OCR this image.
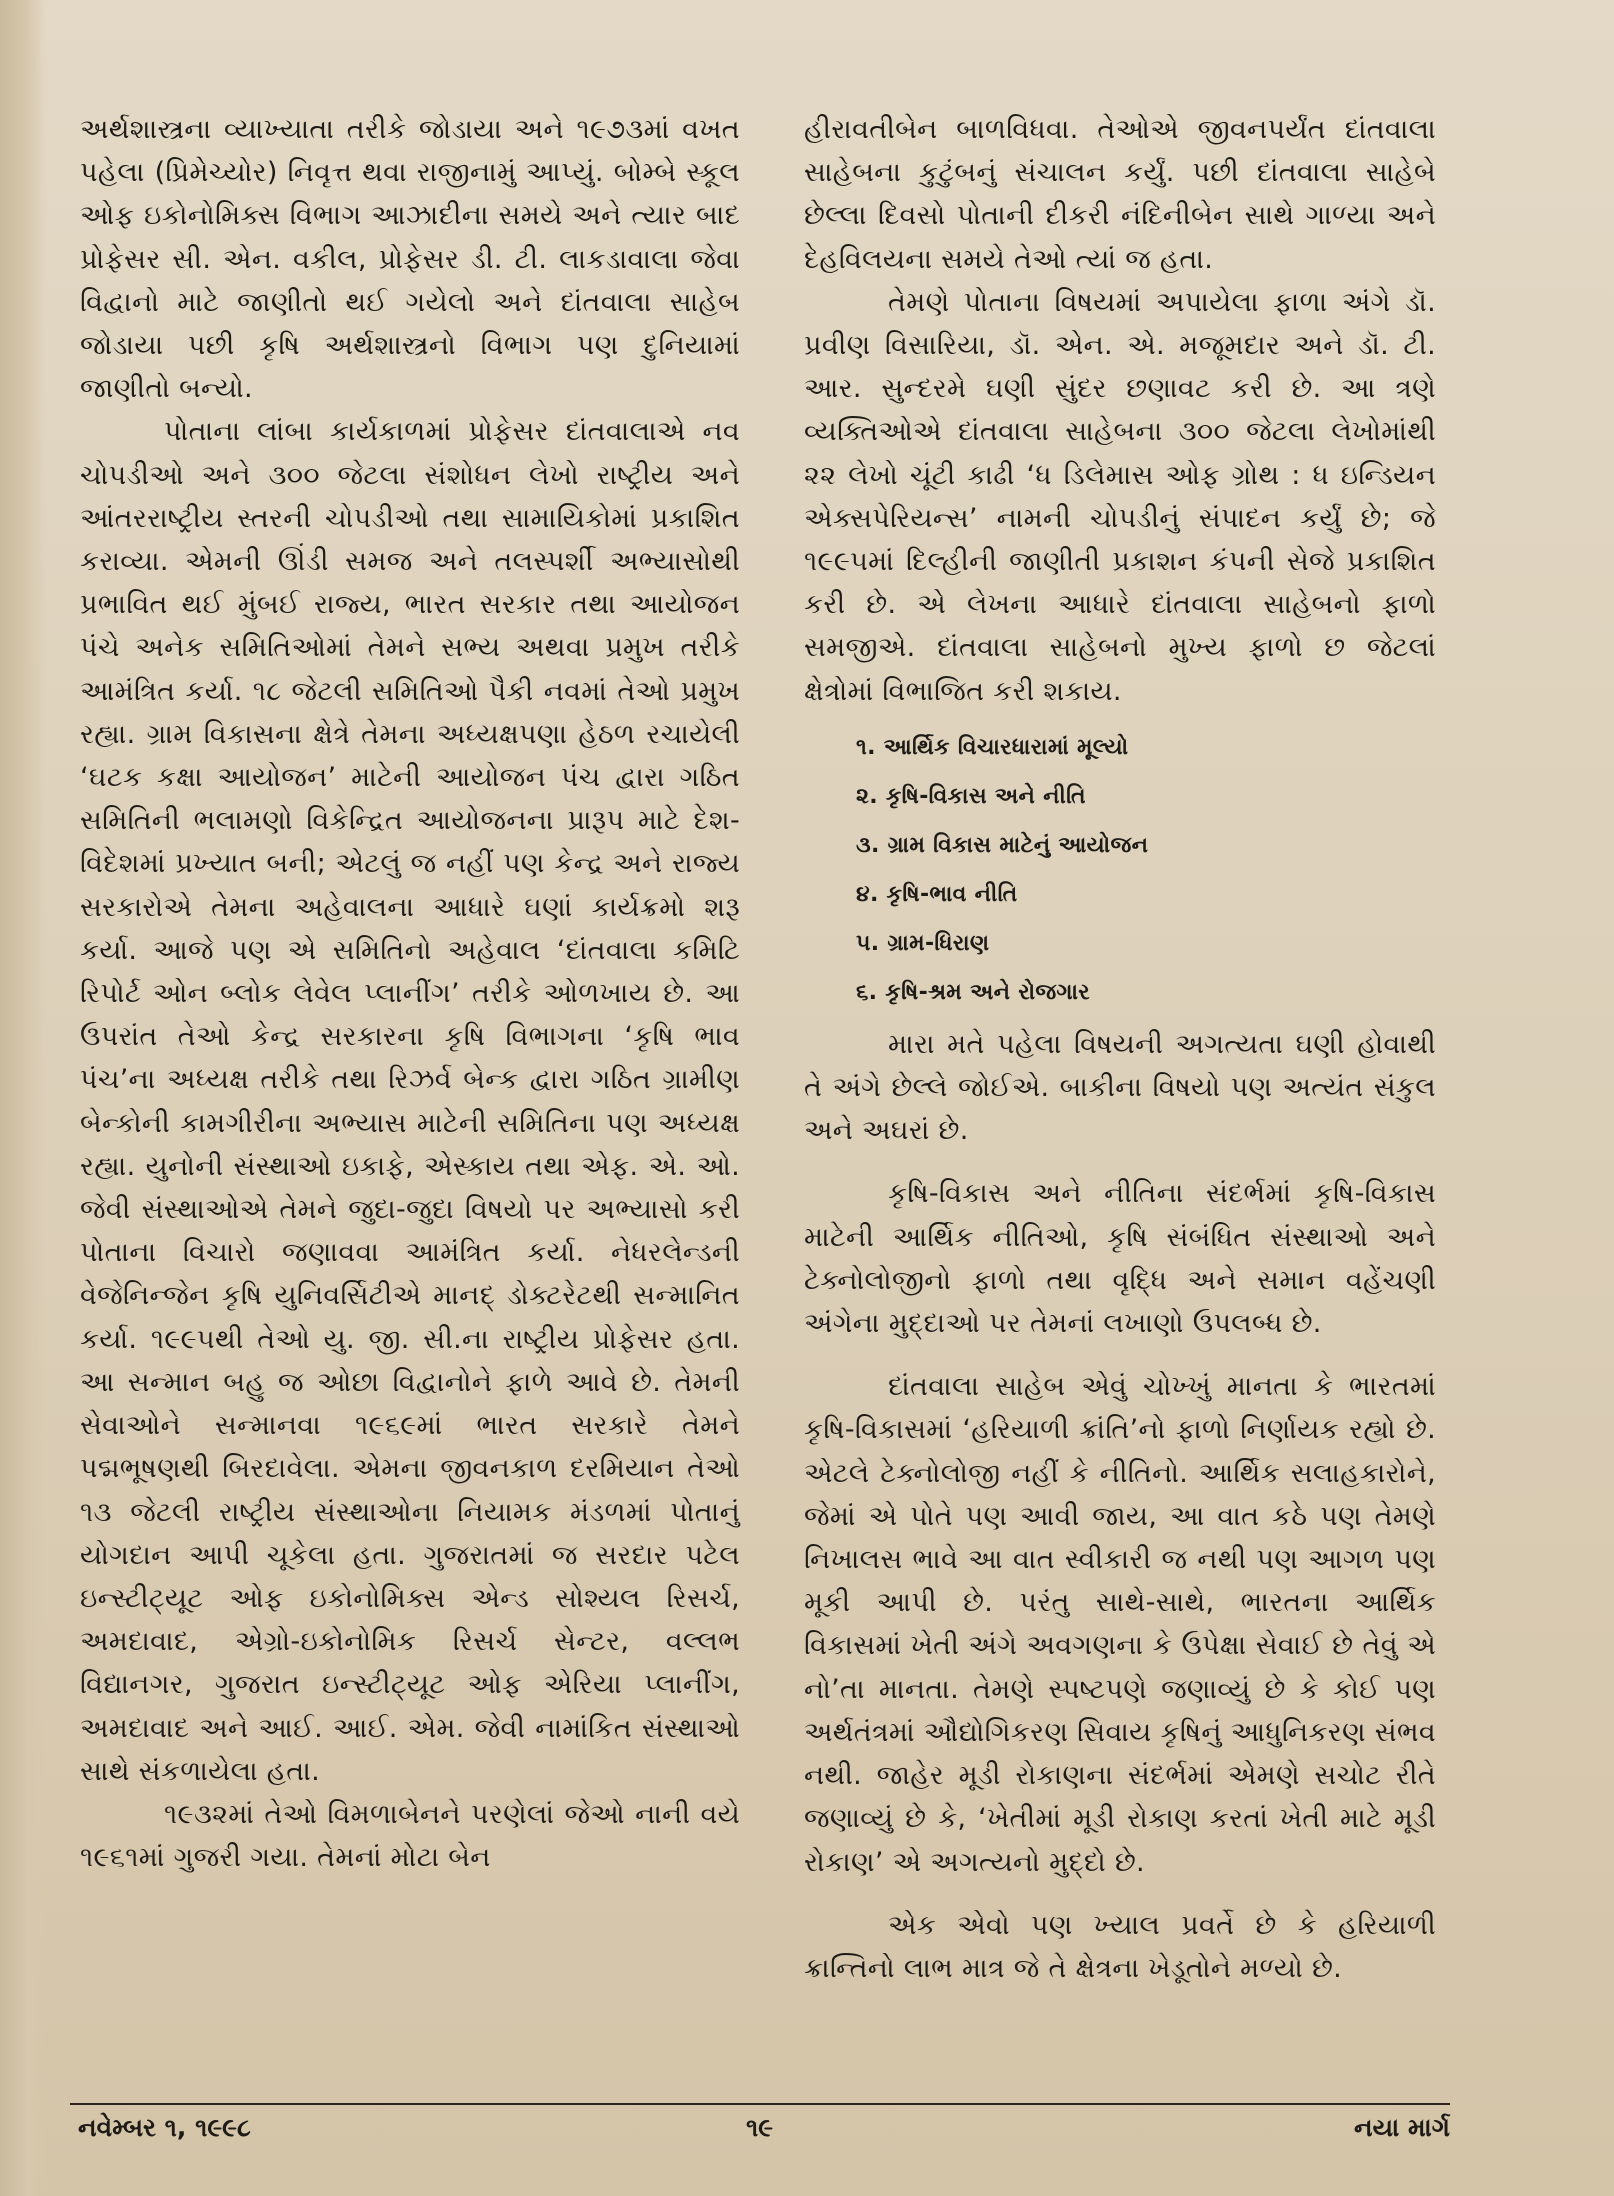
અર્થશાસ્ત્રના વ્યાખ્યાતા તરીકે જોડાયા અને ૧૯૭૩માં વખત પહેલા (પ્રિમેચ્યોર) નિવૃત્ત થવા રાજીનામું આપ્યું. બોમ્બે સ્કૂલ ઓફ ઇકોનોમિક્સ વિભાગ આઝાદીના સમયે અને ત્યાર બાદ પ્રોફેસર સી. એન. વકીલ, પ્રોફેસર ડી. ટી. લાકડાવાલા જેવા વિદ્વાનો માટે જાણીતો થઈ ગયેલો અને દાંતવાલા સાહેબ જોડાયા પછી કૃષિ અર્થશાસ્ત્રનો વિભાગ પણ દુનિયામાં જાણીતો બન્યો.

પોતાના લાંબા કાર્યકાળમાં પ્રોફેસર દાંતવાલાએ નવ ચોપડીઓ અને ૩૦૦ જેટલા સંશોધન લેખો રાષ્ટ્રીય અને આંતરરાષ્ટ્રીય સ્તરની ચોપડીઓ તથા સામાયિકોમાં પ્રકાશિત કરાવ્યા. એમની ઊંડી સમજ અને તલસ્પર્શી અભ્યાસોથી પ્રભાવિત થઈ મુંબઈ રાજ્ય, ભારત સરકાર તથા આયોજન પંચે અનેક સમિતિઓમાં તેમને સભ્ય અથવા પ્રમુખ તરીકે આમંત્રિત કર્યા. ૧૮ જેટલી સમિતિઓ પૈકી નવમાં તેઓ પ્રમુખ રહ્યા. ગ્રામ વિકાસના ક્ષેત્રે તેમના અધ્યક્ષપણા હેઠળ રચાયેલી ‘ઘટક કક્ષા આયોજન’ માટેની આયોજન પંચ દ્વારા ગઠિત સમિતિની ભલામણો વિકેન્દ્રિત આયોજનના પ્રારૂપ માટે દેશ-વિદેશમાં પ્રખ્યાત બની; એટલું જ નહીં પણ કેન્દ્ર અને રાજ્ય સરકારોએ તેમના અહેવાલના આધારે ઘણાં કાર્યક્રમો શરૂ કર્યા. આજે પણ એ સમિતિનો અહેવાલ ‘દાંતવાલા કમિટિ રિપોર્ટ ઓન બ્લોક લેવેલ પ્લાનીંગ’ તરીકે ઓળખાય છે. આ ઉપરાંત તેઓ કેન્દ્ર સરકારના કૃષિ વિભાગના ‘કૃષિ ભાવ પંચ’ના અધ્યક્ષ તરીકે તથા રિઝર્વ બેન્ક દ્વારા ગઠિત ગ્રામીણ બેન્કોની કામગીરીના અભ્યાસ માટેની સમિતિના પણ અધ્યક્ષ રહ્યા. યુનોની સંસ્થાઓ ઇકાફે, એસ્કાય તથા એફ. એ. ઓ. જેવી સંસ્થાઓએ તેમને જુદા-જુદા વિષયો પર અભ્યાસો કરી પોતાના વિચારો જણાવવા આમંત્રિત કર્યા. નેધરલેન્ડની વેજેનિન્જેન કૃષિ યુનિવર્સિટીએ માનદ્ ડોક્ટરેટથી સન્માનિત કર્યા. ૧૯૯૫થી તેઓ યુ. જી. સી.ના રાષ્ટ્રીય પ્રોફેસર હતા. આ સન્માન બહુ જ ઓછા વિદ્વાનોને ફાળે આવે છે. તેમની સેવાઓને સન્માનવા ૧૯૬૯માં ભારત સરકારે તેમને પદ્મભૂષણથી બિરદાવેલા. એમના જીવનકાળ દરમિયાન તેઓ ૧૩ જેટલી રાષ્ટ્રીય સંસ્થાઓના નિયામક મંડળમાં પોતાનું યોગદાન આપી ચૂકેલા હતા. ગુજરાતમાં જ સરદાર પટેલ ઇન્સ્ટીટ્યૂટ ઓફ ઇકોનોમિક્સ એન્ડ સોશ્યલ રિસર્ચ, અમદાવાદ, એગ્રો-ઇકોનોમિક રિસર્ચ સેન્ટર, વલ્લભ વિદ્યાનગર, ગુજરાત ઇન્સ્ટીટ્યૂટ ઓફ એરિયા પ્લાનીંગ, અમદાવાદ અને આઈ. આઈ. એમ. જેવી નામાંકિત સંસ્થાઓ સાથે સંકળાયેલા હતા.

૧૯૩૨માં તેઓ વિમળાબેનને પરણેલાં જેઓ નાની વયે ૧૯૬૧માં ગુજરી ગયા. તેમનાં મોટા બેન

હીરાવતીબેન બાળવિધવા. તેઓએ જીવનપર્યંત દાંતવાલા સાહેબના કુટુંબનું સંચાલન કર્યું. પછી દાંતવાલા સાહેબે છેલ્લા દિવસો પોતાની દીકરી નંદિનીબેન સાથે ગાળ્યા અને દેહવિલયના સમયે તેઓ ત્યાં જ હતા.

તેમણે પોતાના વિષયમાં અપાયેલા ફાળા અંગે ડૉ. પ્રવીણ વિસારિયા, ડૉ. એન. એ. મજૂમદાર અને ડૉ. ટી. આર. સુન્દરમે ઘણી સુંદર છણાવટ કરી છે. આ ત્રણે વ્યક્તિઓએ દાંતવાલા સાહેબના ૩૦૦ જેટલા લેખોમાંથી ૨૨ લેખો ચૂંટી કાઢી ‘ધ ડિલેમાસ ઓફ ગ્રોથ : ધ ઇન્ડિયન એક્સપેરિયન્સ’ નામની ચોપડીનું સંપાદન કર્યું છે; જે ૧૯૯૫માં દિલ્હીની જાણીતી પ્રકાશન કંપની સેજે પ્રકાશિત કરી છે. એ લેખના આધારે દાંતવાલા સાહેબનો ફાળો સમજીએ. દાંતવાલા સાહેબનો મુખ્ય ફાળો છ જેટલાં ક્ષેત્રોમાં વિભાજિત કરી શકાય.

૧. આર્થિક વિચારધારામાં મૂલ્યો
૨. કૃષિ-વિકાસ અને નીતિ
૩. ગ્રામ વિકાસ માટેનું આયોજન
૪. કૃષિ-ભાવ નીતિ
૫. ગ્રામ-ધિરાણ
૬. કૃષિ-શ્રમ અને રોજગાર

મારા મતે પહેલા વિષયની અગત્યતા ઘણી હોવાથી તે અંગે છેલ્લે જોઈએ. બાકીના વિષયો પણ અત્યંત સંકુલ અને અઘરાં છે.

કૃષિ-વિકાસ અને નીતિના સંદર્ભમાં કૃષિ-વિકાસ માટેની આર્થિક નીતિઓ, કૃષિ સંબંધિત સંસ્થાઓ અને ટેક્નોલોજીનો ફાળો તથા વૃદ્ધિ અને સમાન વહેંચણી અંગેના મુદ્દાઓ પર તેમનાં લખાણો ઉપલબ્ધ છે.

દાંતવાલા સાહેબ એવું ચોખ્ખું માનતા કે ભારતમાં કૃષિ-વિકાસમાં ‘હરિયાળી ક્રાંતિ’નો ફાળો નિર્ણાયક રહ્યો છે. એટલે ટેક્નોલોજી નહીં કે નીતિનો. આર્થિક સલાહકારોને, જેમાં એ પોતે પણ આવી જાય, આ વાત કઠે પણ તેમણે નિખાલસ ભાવે આ વાત સ્વીકારી જ નથી પણ આગળ પણ મૂકી આપી છે. પરંતુ સાથે-સાથે, ભારતના આર્થિક વિકાસમાં ખેતી અંગે અવગણના કે ઉપેક્ષા સેવાઈ છે તેવું એ નો’તા માનતા. તેમણે સ્પષ્ટપણે જણાવ્યું છે કે કોઈ પણ અર્થતંત્રમાં ઔદ્યોગિકરણ સિવાય કૃષિનું આધુનિકરણ સંભવ નથી. જાહેર મૂડી રોકાણના સંદર્ભમાં એમણે સચોટ રીતે જણાવ્યું છે કે, ‘ખેતીમાં મૂડી રોકાણ કરતાં ખેતી માટે મૂડી રોકાણ’ એ અગત્યનો મુદ્દો છે.

એક એવો પણ ખ્યાલ પ્રવર્તે છે કે હરિયાળી ક્રાન્તિનો લાભ માત્ર જે તે ક્ષેત્રના ખેડૂતોને મળ્યો છે.

નવેમ્બર ૧, ૧૯૯૮	૧૯	નયા માર્ગ
